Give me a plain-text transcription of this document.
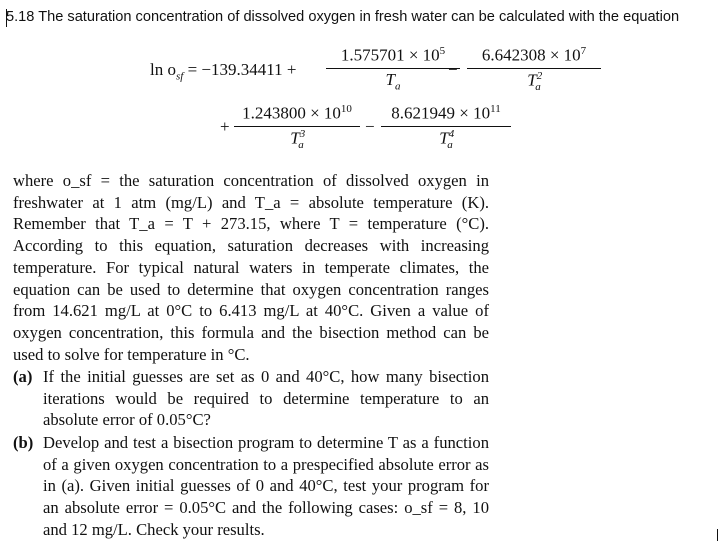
5.18 The saturation concentration of dissolved oxygen in fresh water can be calculated with the equation
$\ln o_{sf} = -139.34411 + \frac{1.575701 \times 10^5}{T_a}$
− $\frac{6.642308 \times 10^7}{T^2_a}$
+ $\frac{1.243800 \times 10^{10}}{T^3_a} - \frac{8.621949 \times 10^{11}}{T^4_a}$

where o_sf = the saturation concentration of dissolved oxygen in freshwater at 1 atm (mg/L) and T_a = absolute temperature (K). Remember that T_a = T + 273.15, where T = temperature (°C). According to this equation, saturation decreases with increasing temperature. For typical natural waters in temperate climates, the equation can be used to determine that oxygen concentration ranges from 14.621 mg/L at 0°C to 6.413 mg/L at 40°C. Given a value of oxygen concentration, this formula and the bisection method can be used to solve for temperature in °C.

(a) If the initial guesses are set as 0 and 40°C, how many bisection iterations would be required to determine temperature to an absolute error of 0.05°C?
(b) Develop and test a bisection program to determine T as a function of a given oxygen concentration to a prespecified absolute error as in (a). Given initial guesses of 0 and 40°C, test your program for an absolute error = 0.05°C and the following cases: o_sf = 8, 10 and 12 mg/L. Check your results.
